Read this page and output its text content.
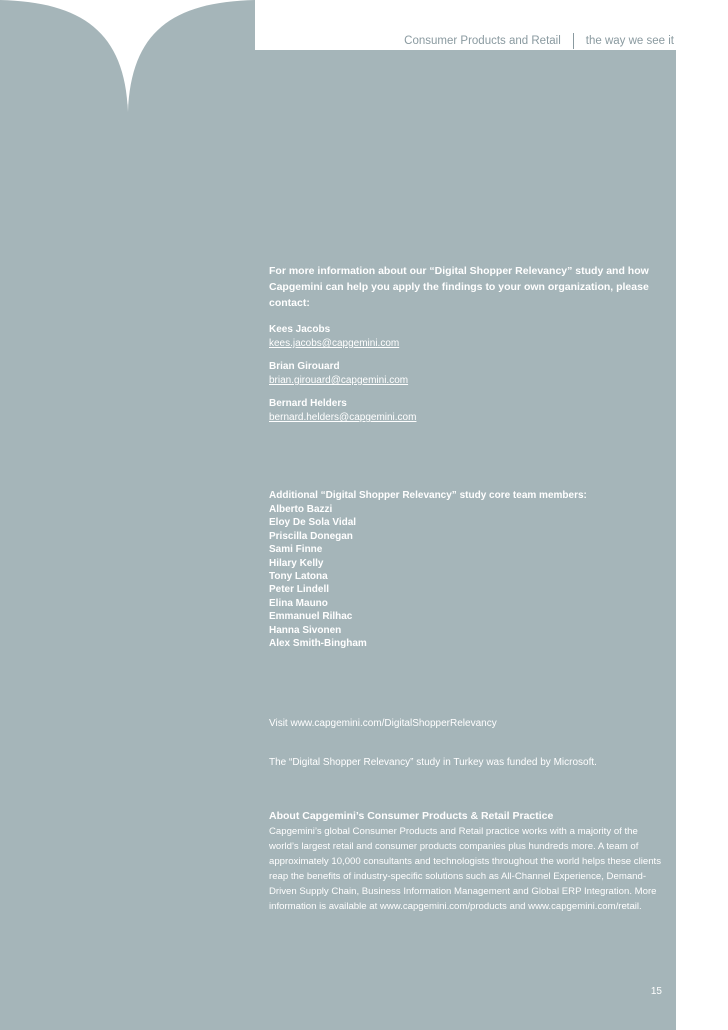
Consumer Products and Retail the way we see it
For more information about our “Digital Shopper Relevancy” study and how Capgemini can help you apply the findings to your own organization, please contact:
Kees Jacobs
kees.jacobs@capgemini.com
Brian Girouard
brian.girouard@capgemini.com
Bernard Helders
bernard.helders@capgemini.com
Additional “Digital Shopper Relevancy” study core team members:
Alberto Bazzi
Eloy De Sola Vidal
Priscilla Donegan
Sami Finne
Hilary Kelly
Tony Latona
Peter Lindell
Elina Mauno
Emmanuel Rilhac
Hanna Sivonen
Alex Smith-Bingham
Visit www.capgemini.com/DigitalShopperRelevancy
The “Digital Shopper Relevancy” study in Turkey was funded by Microsoft.
About Capgemini’s Consumer Products & Retail Practice
Capgemini’s global Consumer Products and Retail practice works with a majority of the world’s largest retail and consumer products companies plus hundreds more. A team of approximately 10,000 consultants and technologists throughout the world helps these clients reap the benefits of industry-specific solutions such as All-Channel Experience, Demand-Driven Supply Chain, Business Information Management and Global ERP Integration. More information is available at www.capgemini.com/products and www.capgemini.com/retail.
15
